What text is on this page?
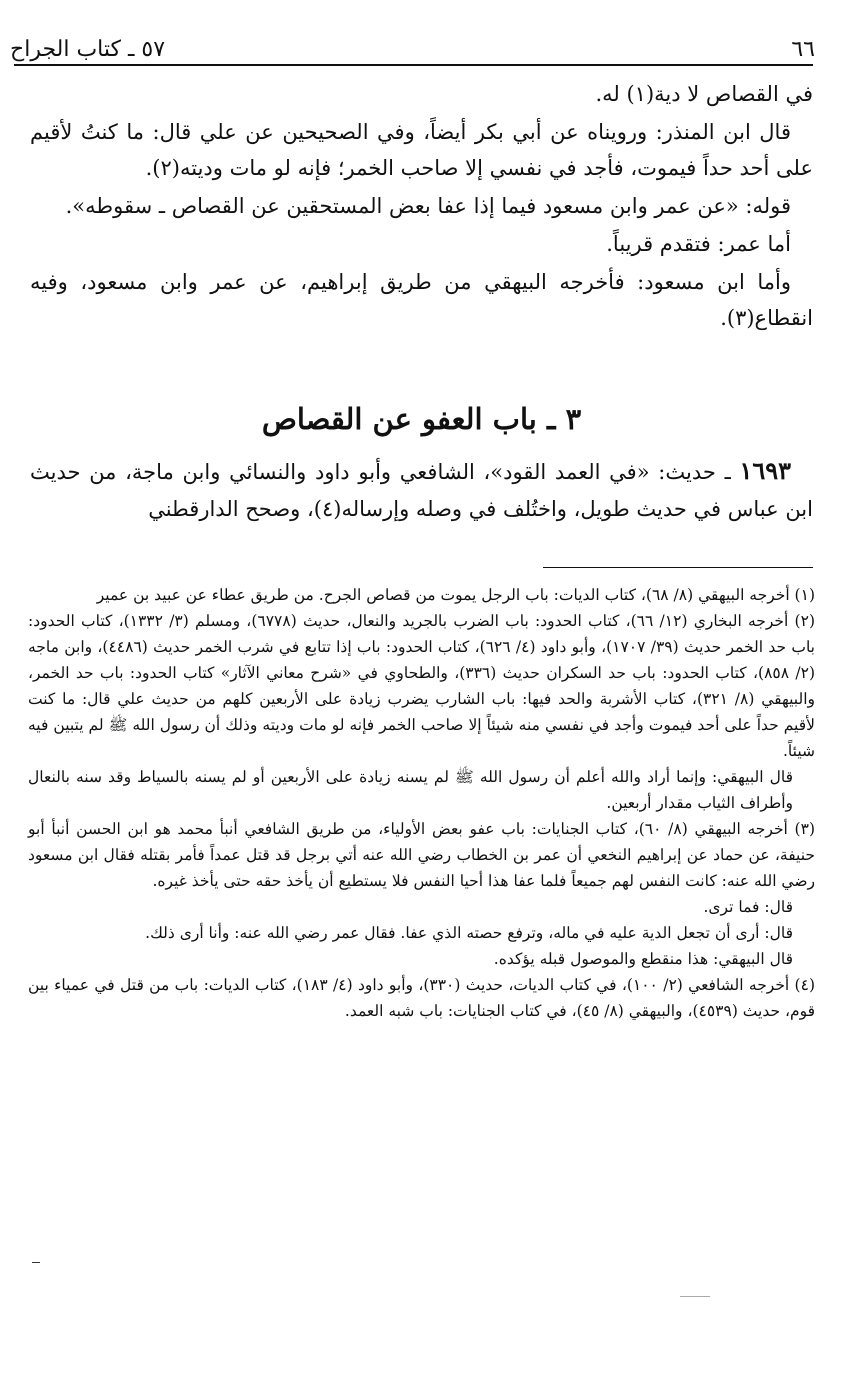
٦٦
٥٧ ـ كتاب الجراح

في القصاص لا دية(١) له.

قال ابن المنذر: ورويناه عن أبي بكر أيضاً، وفي الصحيحين عن علي قال: ما كنتُ لأقيم على أحد حداً فيموت، فأجد في نفسي إلا صاحب الخمر؛ فإنه لو مات وديته(٢).

قوله: «عن عمر وابن مسعود فيما إذا عفا بعض المستحقين عن القصاص ـ سقوطه».

أما عمر: فتقدم قريباً.

وأما ابن مسعود: فأخرجه البيهقي من طريق إبراهيم، عن عمر وابن مسعود، وفيه انقطاع(٣).

٣ ـ باب العفو عن القصاص

١٦٩٣ ـ حديث: «في العمد القود»، الشافعي وأبو داود والنسائي وابن ماجة، من حديث ابن عباس في حديث طويل، واختُلف في وصله وإرساله(٤)، وصحح الدارقطني

(١) أخرجه البيهقي (٨/ ٦٨)، كتاب الديات: باب الرجل يموت من قصاص الجرح. من طريق عطاء عن عبيد بن عمير

(٢) أخرجه البخاري (١٢/ ٦٦)، كتاب الحدود: باب الضرب بالجريد والنعال، حديث (٦٧٧٨)، ومسلم (٣/ ١٣٣٢)، كتاب الحدود: باب حد الخمر حديث (٣٩/ ١٧٠٧)، وأبو داود (٤/ ٦٢٦)، كتاب الحدود: باب إذا تتابع في شرب الخمر حديث (٤٤٨٦)، وابن ماجه (٢/ ٨٥٨)، كتاب الحدود: باب حد السكران حديث (٣٣٦)، والطحاوي في «شرح معاني الآثار» كتاب الحدود: باب حد الخمر، والبيهقي (٨/ ٣٢١)، كتاب الأشربة والحد فيها: باب الشارب يضرب زيادة على الأربعين كلهم من حديث علي قال: ما كنت لأقيم حداً على أحد فيموت وأجد في نفسي منه شيئاً إلا صاحب الخمر فإنه لو مات وديته وذلك أن رسول الله ﷺ لم يتبين فيه شيئاً.

قال البيهقي: وإنما أراد والله أعلم أن رسول الله ﷺ لم يسنه زيادة على الأربعين أو لم يسنه بالسياط وقد سنه بالنعال وأطراف الثياب مقدار أربعين.

(٣) أخرجه البيهقي (٨/ ٦٠)، كتاب الجنايات: باب عفو بعض الأولياء، من طريق الشافعي أنبأ محمد هو ابن الحسن أنبأ أبو حنيفة، عن حماد عن إبراهيم النخعي أن عمر بن الخطاب رضي الله عنه أتي برجل قد قتل عمداً فأمر بقتله فقال ابن مسعود رضي الله عنه: كانت النفس لهم جميعاً فلما عفا هذا أحيا النفس فلا يستطيع أن يأخذ حقه حتى يأخذ غيره.

قال: فما ترى.

قال: أرى أن تجعل الدية عليه في ماله، وترفع حصته الذي عفا. فقال عمر رضي الله عنه: وأنا أرى ذلك.

قال البيهقي: هذا منقطع والموصول قبله يؤكده.

(٤) أخرجه الشافعي (٢/ ١٠٠)، في كتاب الديات، حديث (٣٣٠)، وأبو داود (٤/ ١٨٣)، كتاب الديات: باب من قتل في عمياء بين قوم، حديث (٤٥٣٩)، والبيهقي (٨/ ٤٥)، في كتاب الجنايات: باب شبه العمد.
